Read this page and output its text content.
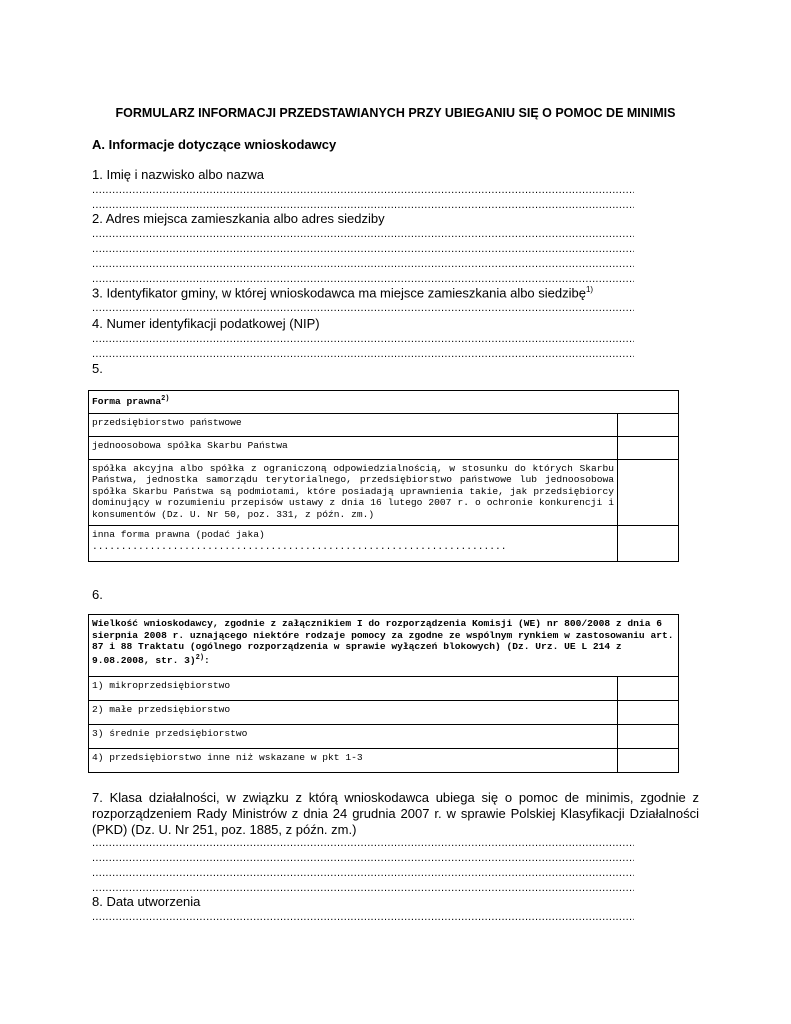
FORMULARZ INFORMACJI PRZEDSTAWIANYCH PRZY UBIEGANIU SIĘ O POMOC DE MINIMIS
A. Informacje dotyczące wnioskodawcy
1. Imię i nazwisko albo nazwa
.....
.....
2. Adres miejsca zamieszkania albo adres siedziby
.....
.....
.....
.....
3. Identyfikator gminy, w której wnioskodawca ma miejsce zamieszkania albo siedzibę$^{1)}$
.....
4. Numer identyfikacji podatkowej (NIP)
.....
.....
5.
Forma prawna$^{2)}$
przedsiębiorstwo państwowe	
jednoosobowa spółka Skarbu Państwa	
spółka akcyjna albo spółka z ograniczoną odpowiedzialnością, w stosunku do których Skarbu Państwa, jednostka samorządu terytorialnego, przedsiębiorstwo państwowe lub jednoosobowa spółka Skarbu Państwa są podmiotami, które posiadają uprawnienia takie, jak przedsiębiorcy dominujący w rozumieniu przepisów ustawy z dnia 16 lutego 2007 r. o ochronie konkurencji i konsumentów (Dz. U. Nr 50, poz. 331, z późn. zm.)	

inna forma prawna (podać jaka)
........................................................................	

6.
Wielkość wnioskodawcy, zgodnie z załącznikiem I do rozporządzenia Komisji (WE) nr 800/2008 z dnia 6 sierpnia 2008 r. uznającego niektóre rodzaje pomocy za zgodne ze wspólnym rynkiem w zastosowaniu art. 87 i 88 Traktatu (ogólnego rozporządzenia w sprawie wyłączeń blokowych) (Dz. Urz. UE L 214 z 9.08.2008, str. 3)$^{2)}$:	
1) mikroprzedsiębiorstwo	
2) małe przedsiębiorstwo	
3) średnie przedsiębiorstwo	
4) przedsiębiorstwo inne niż wskazane w pkt 1-3	
7. Klasa działalności, w związku z którą wnioskodawca ubiega się o pomoc de minimis, zgodnie z rozporządzeniem Rady Ministrów z dnia 24 grudnia 2007 r. w sprawie Polskiej Klasyfikacji Działalności (PKD) (Dz. U. Nr 251, poz. 1885, z późn. zm.)
.....
.....
.....
.....
8. Data utworzenia
.....
